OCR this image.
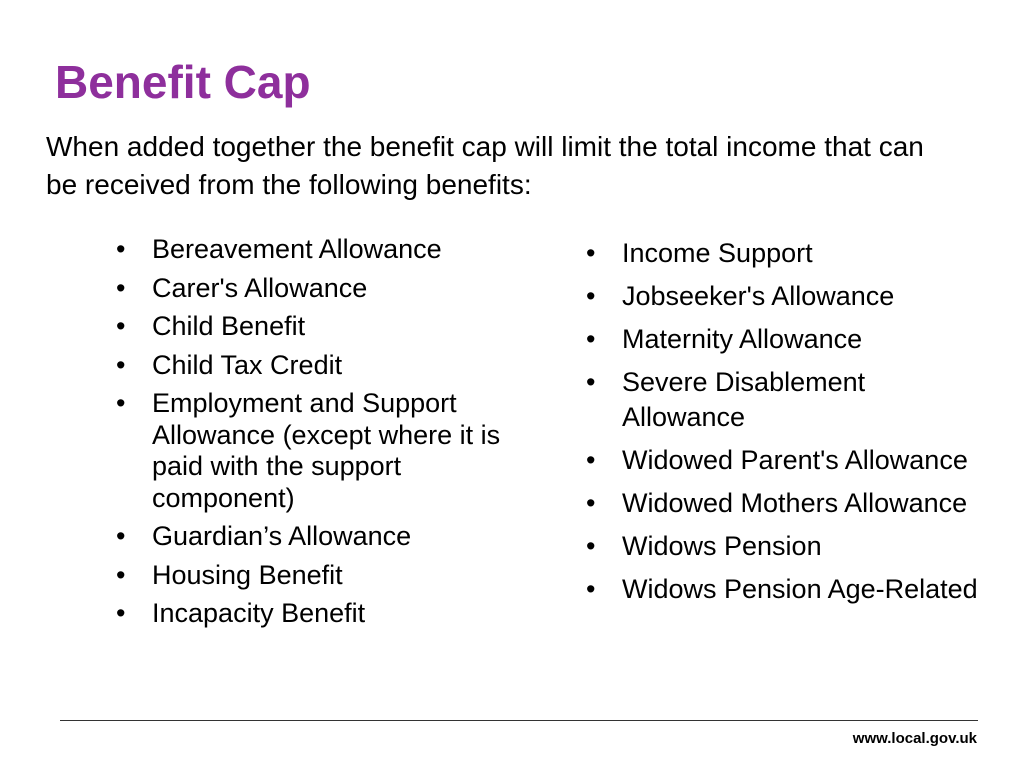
Benefit Cap

When added together the benefit cap will limit the total income that can be received from the following benefits:

• Bereavement Allowance
• Carer's Allowance
• Child Benefit
• Child Tax Credit
• Employment and Support Allowance (except where it is paid with the support component)
• Guardian’s Allowance
• Housing Benefit
• Incapacity Benefit
• Income Support
• Jobseeker's Allowance
• Maternity Allowance
• Severe Disablement Allowance
• Widowed Parent's Allowance
• Widowed Mothers Allowance
• Widows Pension
• Widows Pension Age-Related
www.local.gov.uk
